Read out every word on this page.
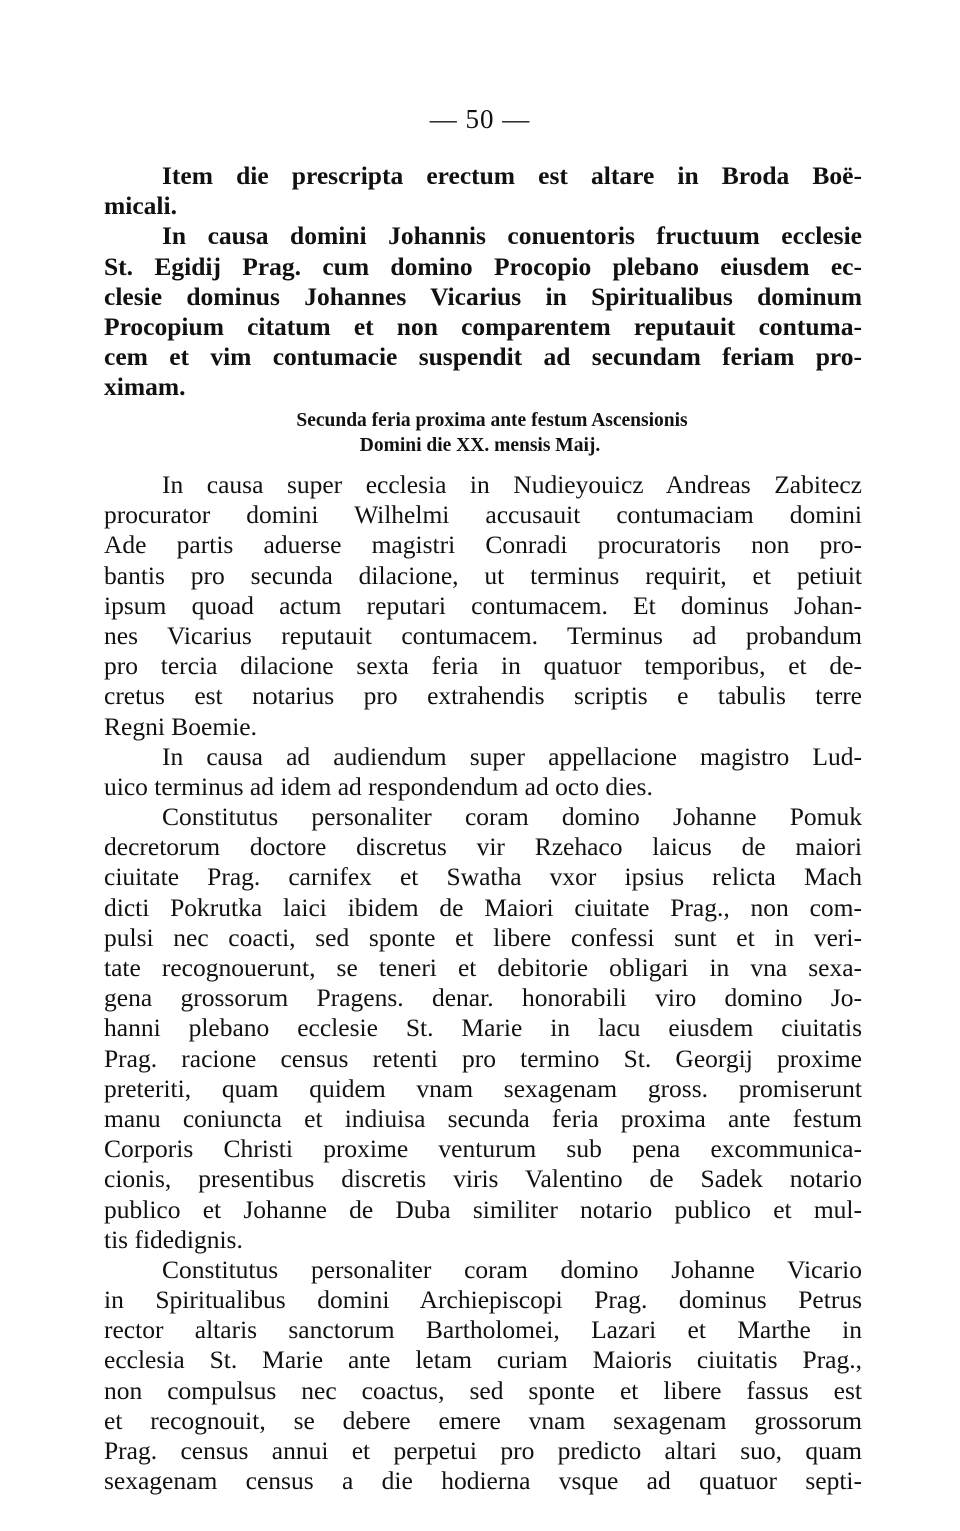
— 50 —
Item die prescripta erectum est altare in Broda Boë-
micali.
In causa domini Johannis conuentoris fructuum ecclesie
St. Egidij Prag. cum domino Procopio plebano eiusdem ec-
clesie dominus Johannes Vicarius in Spiritualibus dominum
Procopium citatum et non comparentem reputauit contuma-
cem et vim contumacie suspendit ad secundam feriam pro-
ximam.
Secunda feria proxima ante festum Ascensionis
Domini die XX. mensis Maij.
In causa super ecclesia in Nudieyouicz Andreas Zabitecz
procurator domini Wilhelmi accusauit contumaciam domini
Ade partis aduerse magistri Conradi procuratoris non pro-
bantis pro secunda dilacione, ut terminus requirit, et petiuit
ipsum quoad actum reputari contumacem. Et dominus Johan-
nes Vicarius reputauit contumacem. Terminus ad probandum
pro tercia dilacione sexta feria in quatuor temporibus, et de-
cretus est notarius pro extrahendis scriptis e tabulis terre
Regni Boemie.
In causa ad audiendum super appellacione magistro Lud-
uico terminus ad idem ad respondendum ad octo dies.
Constitutus personaliter coram domino Johanne Pomuk
decretorum doctore discretus vir Rzehaco laicus de maiori
ciuitate Prag. carnifex et Swatha vxor ipsius relicta Mach
dicti Pokrutka laici ibidem de Maiori ciuitate Prag., non com-
pulsi nec coacti, sed sponte et libere confessi sunt et in veri-
tate recognouerunt, se teneri et debitorie obligari in vna sexa-
gena grossorum Pragens. denar. honorabili viro domino Jo-
hanni plebano ecclesie St. Marie in lacu eiusdem ciuitatis
Prag. racione census retenti pro termino St. Georgij proxime
preteriti, quam quidem vnam sexagenam gross. promiserunt
manu coniuncta et indiuisa secunda feria proxima ante festum
Corporis Christi proxime venturum sub pena excommunica-
cionis, presentibus discretis viris Valentino de Sadek notario
publico et Johanne de Duba similiter notario publico et mul-
tis fidedignis.
Constitutus personaliter coram domino Johanne Vicario
in Spiritualibus domini Archiepiscopi Prag. dominus Petrus
rector altaris sanctorum Bartholomei, Lazari et Marthe in
ecclesia St. Marie ante letam curiam Maioris ciuitatis Prag.,
non compulsus nec coactus, sed sponte et libere fassus est
et recognouit, se debere emere vnam sexagenam grossorum
Prag. census annui et perpetui pro predicto altari suo, quam
sexagenam census a die hodierna vsque ad quatuor septi-
